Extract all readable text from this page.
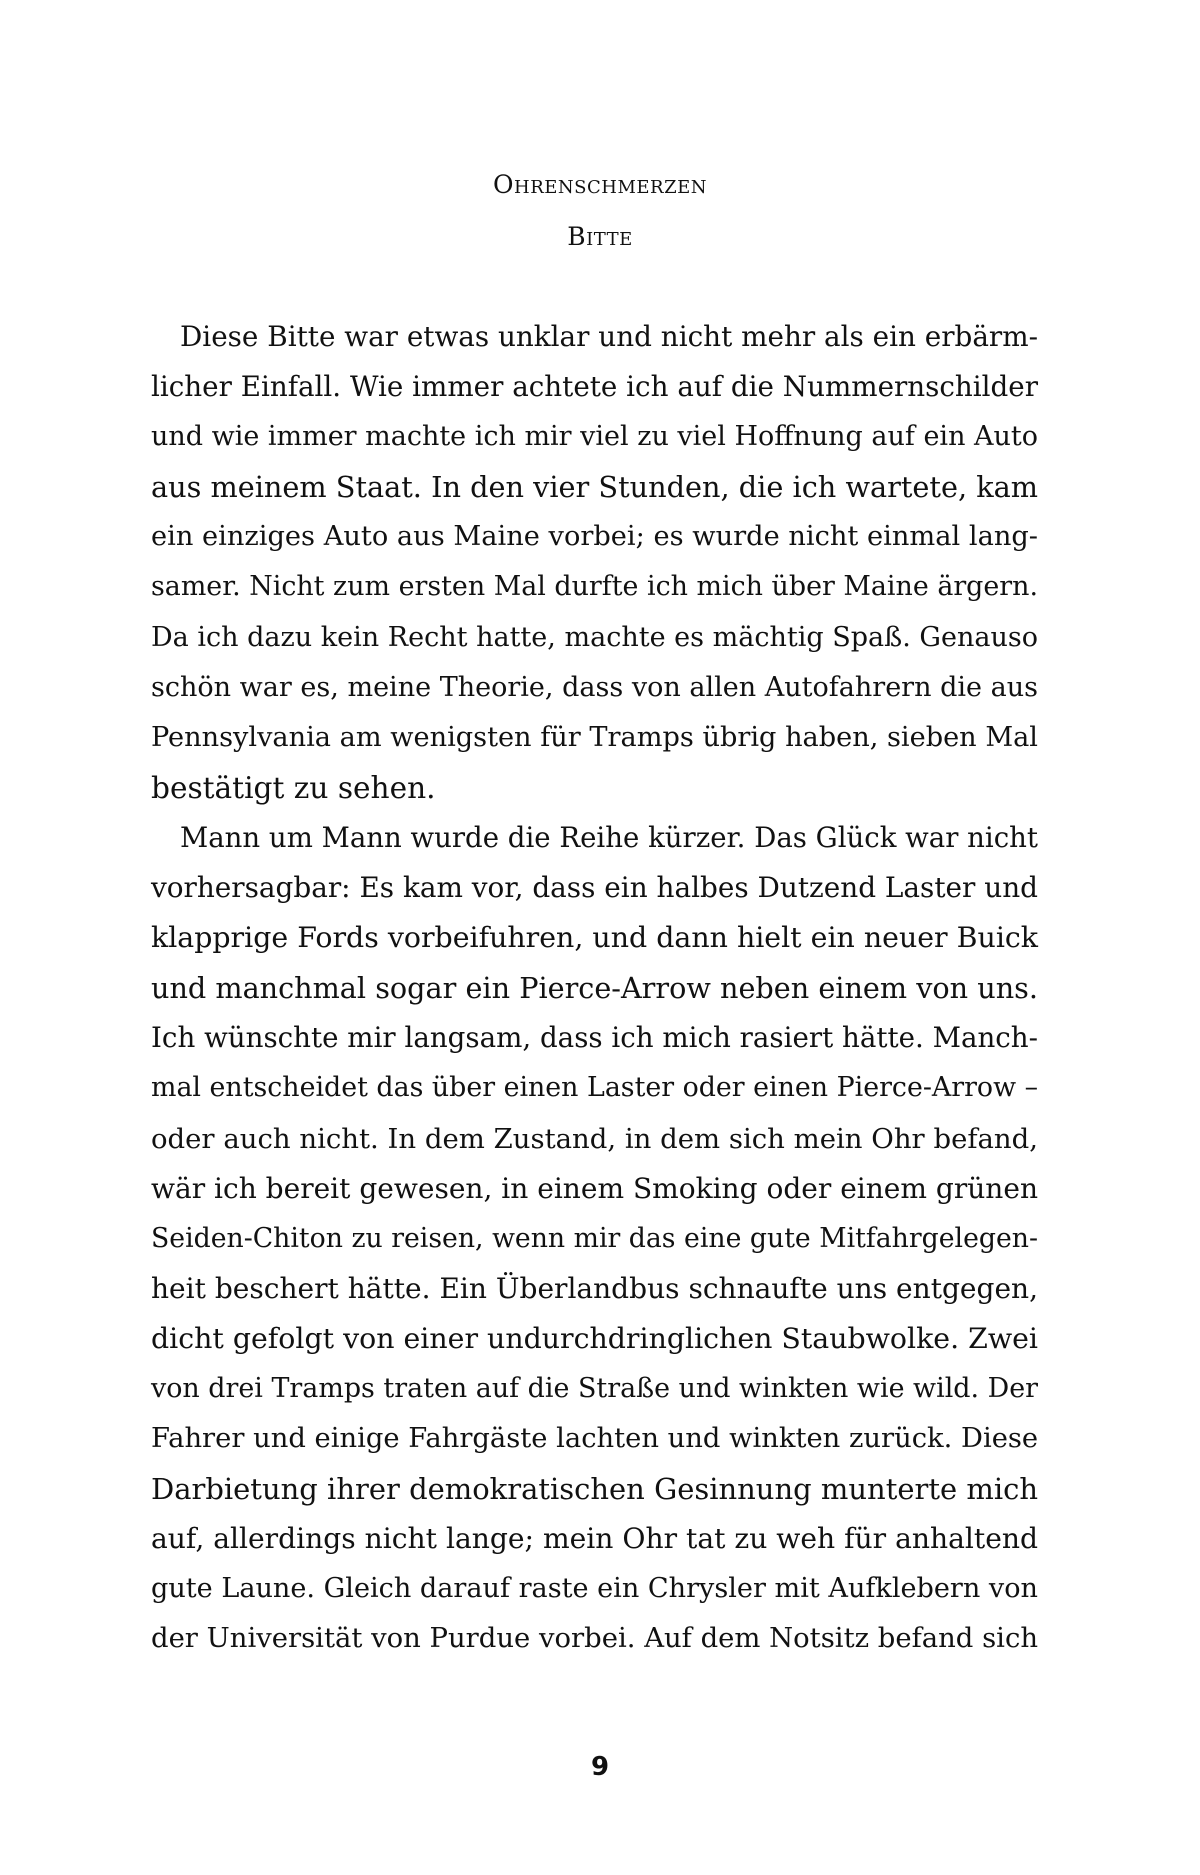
Ohrenschmerzen
Bitte
Diese Bitte war etwas unklar und nicht mehr als ein erbärm-
licher Einfall. Wie immer achtete ich auf die Nummernschilder
und wie immer machte ich mir viel zu viel Hoffnung auf ein Auto
aus meinem Staat. In den vier Stunden, die ich wartete, kam
ein einziges Auto aus Maine vorbei; es wurde nicht einmal lang-
samer. Nicht zum ersten Mal durfte ich mich über Maine ärgern.
Da ich dazu kein Recht hatte, machte es mächtig Spaß. Genauso
schön war es, meine Theorie, dass von allen Autofahrern die aus
Pennsylvania am wenigsten für Tramps übrig haben, sieben Mal
bestätigt zu sehen.
Mann um Mann wurde die Reihe kürzer. Das Glück war nicht
vorhersagbar: Es kam vor, dass ein halbes Dutzend Laster und
klapprige Fords vorbeifuhren, und dann hielt ein neuer Buick
und manchmal sogar ein Pierce-Arrow neben einem von uns.
Ich wünschte mir langsam, dass ich mich rasiert hätte. Manch-
mal entscheidet das über einen Laster oder einen Pierce-Arrow –
oder auch nicht. In dem Zustand, in dem sich mein Ohr befand,
wär ich bereit gewesen, in einem Smoking oder einem grünen
Seiden-Chiton zu reisen, wenn mir das eine gute Mitfahrgelegen-
heit beschert hätte. Ein Überlandbus schnaufte uns entgegen,
dicht gefolgt von einer undurchdringlichen Staubwolke. Zwei
von drei Tramps traten auf die Straße und winkten wie wild. Der
Fahrer und einige Fahrgäste lachten und winkten zurück. Diese
Darbietung ihrer demokratischen Gesinnung munterte mich
auf, allerdings nicht lange; mein Ohr tat zu weh für anhaltend
gute Laune. Gleich darauf raste ein Chrysler mit Aufklebern von
der Universität von Purdue vorbei. Auf dem Notsitz befand sich
9
